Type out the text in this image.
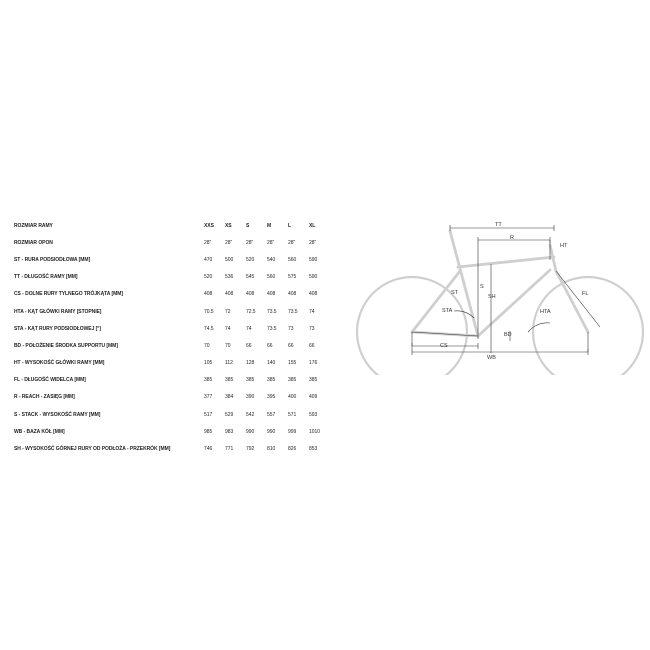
ROZMIAR RAMY	XXS	XS	S	M	L	XL
ROZMIAR OPON	28"	28"	28"	28"	28"	28"
ST - RURA PODSIODŁOWA [MM]	470	500	520	540	560	590
TT - DŁUGOŚĆ RAMY [MM]	520	536	545	560	575	590
CS - DOLNE RURY TYLNEGO TRÓJKĄTA [MM]	408	408	408	408	408	408
HTA - KĄT GŁÓWKI RAMY [STOPNIE]	70.5	72	72.5	73.5	73.5	74
STA - KĄT RURY PODSIODŁOWEJ [°]	74.5	74	74	73.5	73	73
BD - POŁOŻENIE ŚRODKA SUPPORTU [MM]	70	70	66	66	66	66
HT - WYSOKOŚĆ GŁÓWKI RAMY [MM]	105	112	128	140	155	176
FL - DŁUGOŚĆ WIDELCA [MM]	385	385	385	385	385	385
R - REACH - ZASIĘG [MM]	377	384	390	395	400	409
S - STACK - WYSOKOŚĆ RAMY [MM]	517	529	542	557	571	593
WB - BAZA KÓŁ [MM]	985	983	990	990	999	1010
SH - WYSOKOŚĆ GÓRNEJ RURY OD PODŁOŻA - PRZEKRÓK [MM]	746	771	792	810	826	853
TT
R
HT
S
SH
ST
STA
FL
HTA
BD
CS
WB
